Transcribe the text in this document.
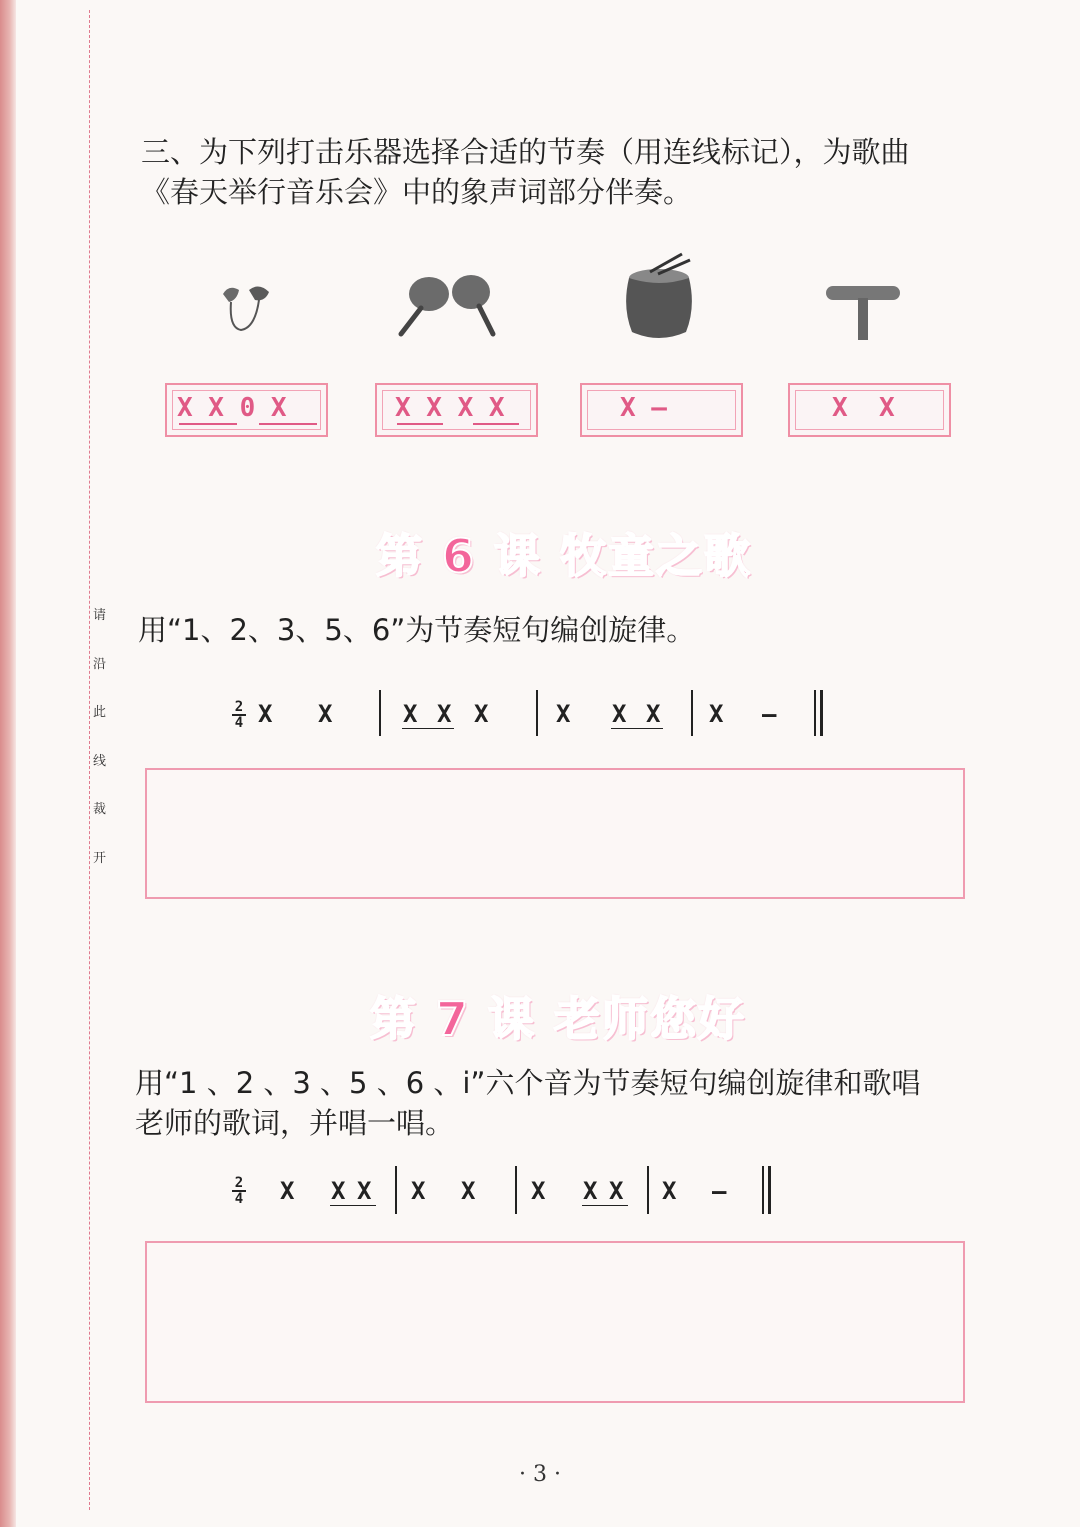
请
沿
此
线
裁
开
三、为下列打击乐器选择合适的节奏（用连线标记），为歌曲
《春天举行音乐会》中的象声词部分伴奏。
X X 0 X	X X X X	X –	X  X
第 6 课 牧童之歌
用“1、2、3、5、6”为节奏短句编创旋律。
2
4 X X	X X X	X X X X –
第 7 课 老师您好
用“1 、2 、3 、5 、6 、i”六个音为节奏短句编创旋律和歌唱
老师的歌词，并唱一唱。
2
4 X X X X X X X X X –
· 3 ·
